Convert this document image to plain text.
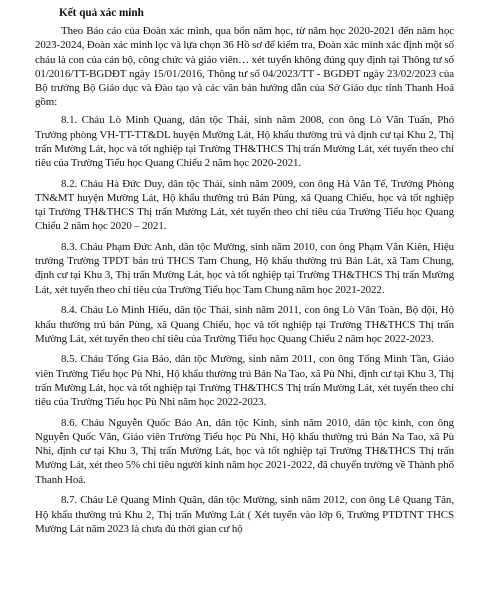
Kết quả xác minh

Theo Báo cáo của Đoàn xác minh, qua bốn năm học, từ năm học 2020-2021 đến năm học 2023-2024, Đoàn xác minh lọc và lựa chọn 36 Hồ sơ để kiểm tra, Đoàn xác minh xác định một số cháu là con của cán bộ, công chức và giáo viên… xét tuyển không đúng quy định tại Thông tư số 01/2016/TT-BGDĐT ngày 15/01/2016, Thông tư số 04/2023/TT - BGDĐT ngày 23/02/2023 của Bộ trưởng Bộ Giáo dục và Đào tạo và các văn bản hướng dẫn của Sở Giáo dục tỉnh Thanh Hoá gồm:

8.1. Cháu Lò Minh Quang, dân tộc Thái, sinh năm 2008, con ông Lò Văn Tuấn, Phó Trưởng phòng VH-TT-TT&DL huyện Mường Lát, Hộ khẩu thường trú và định cư tại Khu 2, Thị trấn Mường Lát, học và tốt nghiệp tại Trường TH&THCS Thị trấn Mường Lát, xét tuyển theo chỉ tiêu của Trường Tiểu học Quang Chiểu 2 năm học 2020-2021.

8.2. Cháu Hà Đức Duy, dân tộc Thái, sinh năm 2009, con ông Hà Văn Tế, Trưởng Phòng TN&MT huyện Mường Lát, Hộ khẩu thường trú Bản Pùng, xã Quang Chiểu, học và tốt nghiệp tại Trường TH&THCS Thị trấn Mường Lát, xét tuyển theo chỉ tiêu của Trường Tiểu học Quang Chiểu 2 năm học 2020 – 2021.

8.3. Cháu Phạm Đức Anh, dân tộc Mường, sinh năm 2010, con ông Phạm Văn Kiên, Hiệu trưởng Trường TPDT bán trú THCS Tam Chung, Hộ khẩu thường trú Bản Lát, xã Tam Chung, định cư tại Khu 3, Thị trấn Mường Lát, học và tốt nghiệp tại Trường TH&THCS Thị trấn Mường Lát, xét tuyển theo chỉ tiêu của Trường Tiểu học Tam Chung năm học 2021-2022.

8.4. Cháu Lò Minh Hiếu, dân tộc Thái, sinh năm 2011, con ông Lò Văn Toàn, Bộ đội, Hộ khẩu thường trú bản Pùng, xã Quang Chiểu, học và tốt nghiệp tại Trường TH&THCS Thị trấn Mường Lát, xét tuyển theo chỉ tiêu của Trường Tiểu học Quang Chiểu 2 năm học 2022-2023.

8.5. Cháu Tống Gia Bảo, dân tộc Mường, sinh năm 2011, con ông Tống Minh Tần, Giáo viên Trường Tiểu học Pù Nhi, Hộ khẩu thường trú Bản Na Tao, xã Pù Nhi, định cư tại Khu 3, Thị trấn Mường Lát, học và tốt nghiệp tại Trường TH&THCS Thị trấn Mường Lát, xét tuyển theo chỉ tiêu của Trường Tiểu học Pù Nhi năm học 2022-2023.

8.6. Cháu Nguyễn Quốc Bảo An, dân tộc Kinh, sinh năm 2010, dân tộc kinh, con ông Nguyễn Quốc Văn, Giáo viên Trường Tiểu học Pù Nhi, Hộ khẩu thường trú Bản Na Tao, xã Pù Nhi, định cư tại Khu 3, Thị trấn Mường Lát, học và tốt nghiệp tại Trường TH&THCS Thị trấn Mường Lát, xét theo 5% chỉ tiêu người kinh năm học 2021-2022, đã chuyển trường về Thành phố Thanh Hoá.

8.7. Cháu Lê Quang Minh Quân, dân tộc Mường, sinh năm 2012, con ông Lê Quang Tân, Hộ khẩu thường trú Khu 2, Thị trấn Mường Lát ( Xét tuyển vào lớp 6, Trường PTDTNT THCS Mường Lát năm 2023 là chưa đủ thời gian cư hộ
